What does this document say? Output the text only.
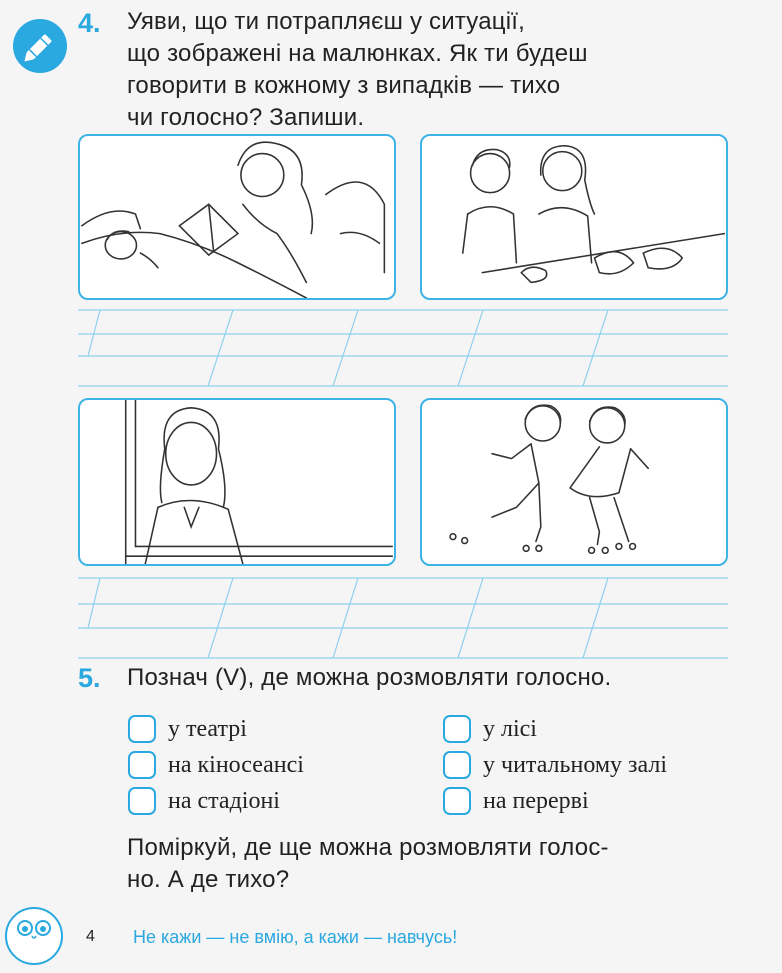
4. Уяви, що ти потрапляєш у ситуації,
що зображені на малюнках. Як ти будеш
говорити в кожному з випадків — тихо
чи голосно? Запиши.
5. Познач (V), де можна розмовляти голосно.
у театрі
на кіносеансі
на стадіоні
у лісі
у читальному залі
на перерві
Поміркуй, де ще можна розмовляти голос-
но. А де тихо?
4 Не кажи — не вмію, а кажи — навчусь!
